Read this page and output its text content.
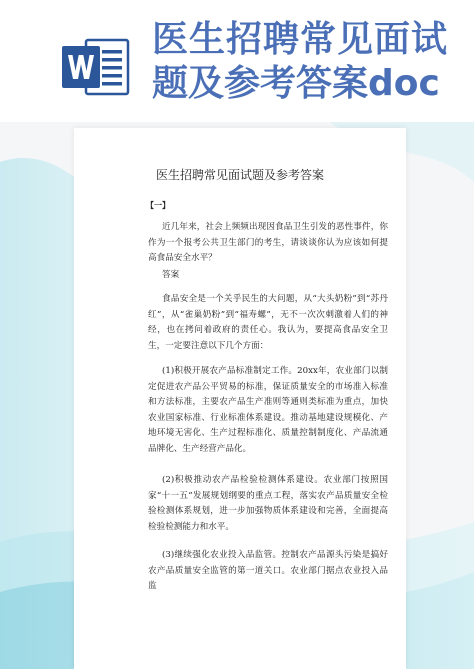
医生招聘常见面试
题及参考答案doc
医生招聘常见面试题及参考答案
【一】
近几年来，社会上频频出现因食品卫生引发的恶性事件，你作为一个报考公共卫生部门的考生，请谈谈你认为应该如何提高食品安全水平？
答案
食品安全是一个关乎民生的大问题，从“大头奶粉”到“苏丹红”，从“雀巢奶粉”到“福寿螺”，无不一次次刺激着人们的神经，也在拷问着政府的责任心。我认为，要提高食品安全卫生，一定要注意以下几个方面：
(1)积极开展农产品标准制定工作。20xx年，农业部门以制定促进农产品公平贸易的标准，保证质量安全的市场准入标准和方法标准，主要农产品生产准则等通则类标准为重点，加快农业国家标准、行业标准体系建设。推动基地建设规模化、产地环境无害化、生产过程标准化、质量控制制度化、产品流通品牌化、生产经营产品化。
(2)积极推动农产品检验检测体系建设。农业部门按照国家“十一五”发展规划纲要的重点工程，落实农产品质量安全检验检测体系规划，进一步加强物质体系建设和完善，全面提高检验检测能力和水平。
(3)继续强化农业投入品监管。控制农产品源头污染是搞好农产品质量安全监管的第一道关口。农业部门据点农业投入品监
